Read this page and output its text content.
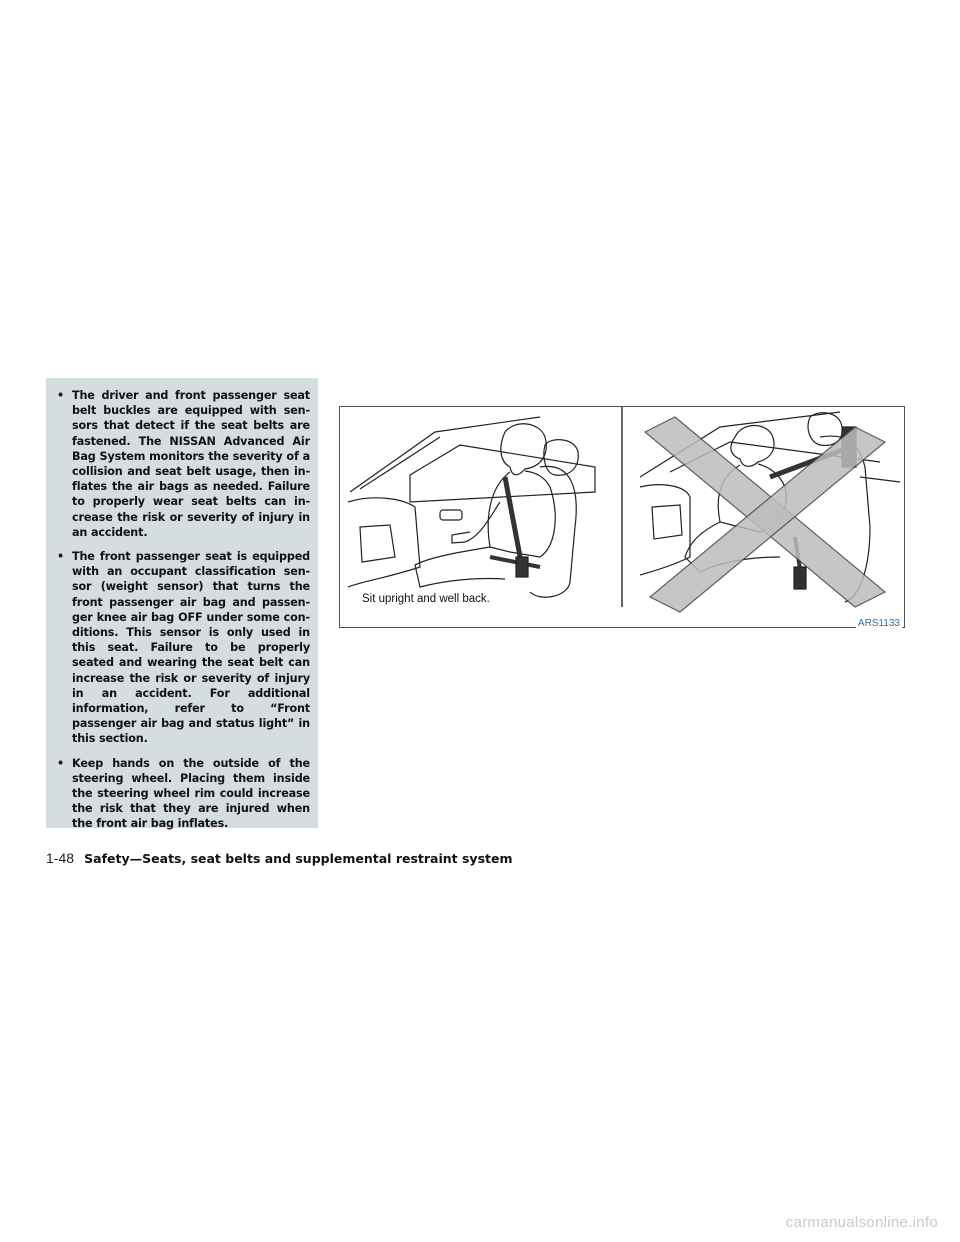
• The driver and front passenger seat belt buckles are equipped with sen-sors that detect if the seat belts are fastened. The NISSAN Advanced Air Bag System monitors the severity of a collision and seat belt usage, then in-flates the air bags as needed. Failure to properly wear seat belts can in-crease the risk or severity of injury in an accident.

• The front passenger seat is equipped with an occupant classification sen-sor (weight sensor) that turns the front passenger air bag and passen-ger knee air bag OFF under some con-ditions. This sensor is only used in this seat. Failure to be properly seated and wearing the seat belt can increase the risk or severity of injury in an accident. For additional information, refer to “Front passenger air bag and status light” in this section.

• Keep hands on the outside of the steering wheel. Placing them inside the steering wheel rim could increase the risk that they are injured when the front air bag inflates.

Sit upright and well back.
ARS1133
1-48 Safety—Seats, seat belts and supplemental restraint system
carmanualsonline.info
